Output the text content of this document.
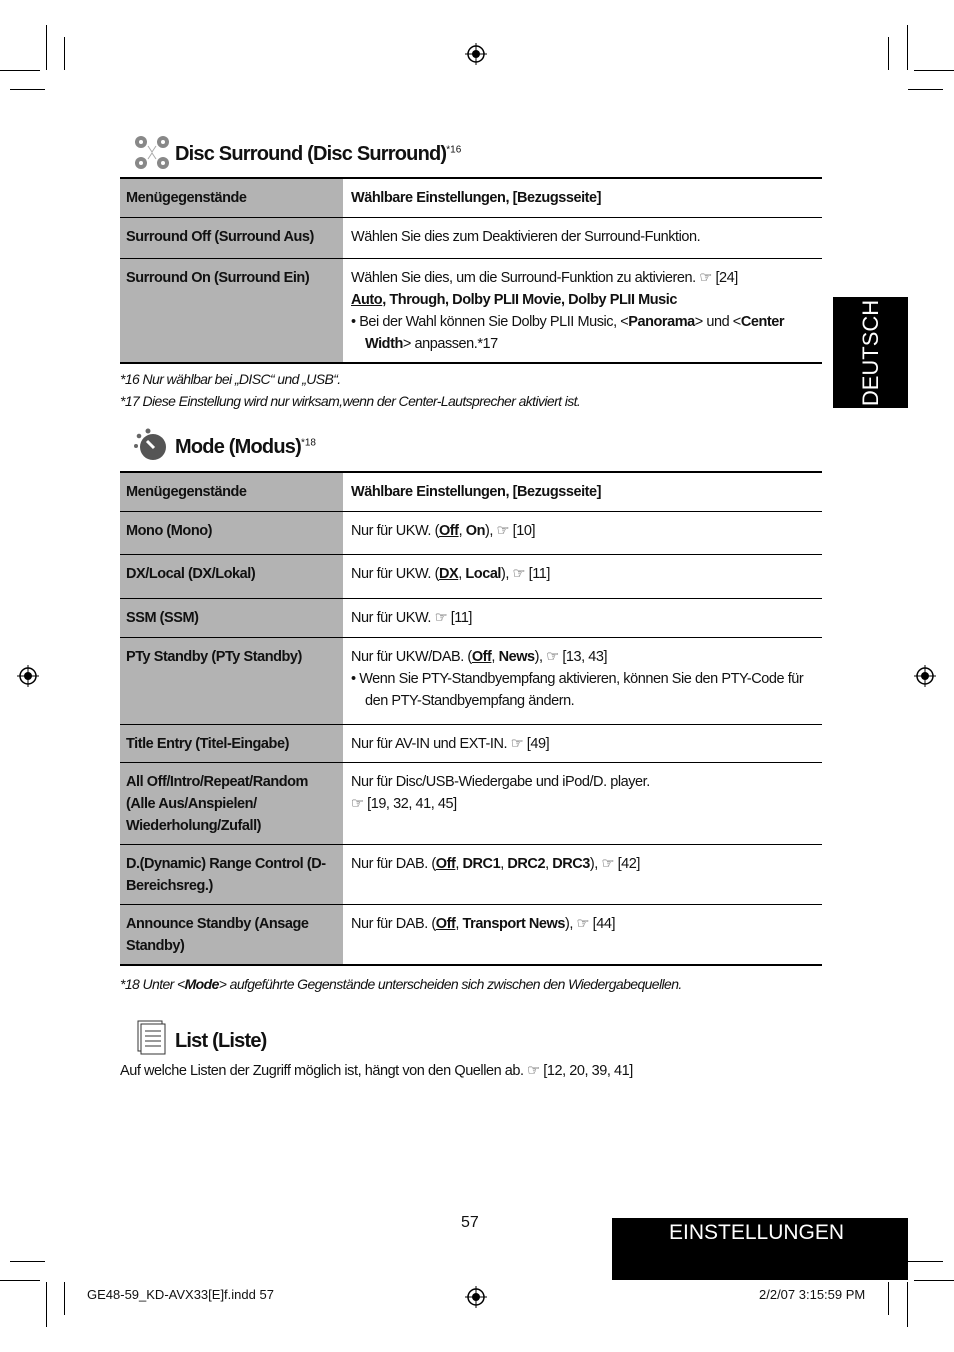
DEUTSCH
Disc Surround (Disc Surround)$^{*16}$
Menügegenstände	Wählbare Einstellungen, [Bezugsseite]
Surround Off (Surround Aus)	Wählen Sie dies zum Deaktivieren der Surround-Funktion.

Surround On (Surround Ein)	Wählen Sie dies, um die Surround-Funktion zu aktivieren. ☞ [24]
Auto, Through, Dolby PLII Movie, Dolby PLII Music
• Bei der Wahl können Sie Dolby PLII Music, <Panorama> und <Center Width> anpassen.*17
*16 Nur wählbar bei „DISC“ und „USB“.
*17 Diese Einstellung wird nur wirksam,wenn der Center-Lautsprecher aktiviert ist.
Mode (Modus)$^{*18}$
Menügegenstände	Wählbare Einstellungen, [Bezugsseite]
Mono (Mono)	Nur für UKW. (Off, On), ☞ [10]

DX/Local (DX/Lokal)	Nur für UKW. (DX, Local), ☞ [11]

SSM (SSM)	Nur für UKW. ☞ [11]

PTy Standby (PTy Standby)	Nur für UKW/DAB. (Off, News), ☞ [13, 43]
• Wenn Sie PTY-Standbyempfang aktivieren, können Sie den PTY-Code für den PTY-Standbyempfang ändern.

Title Entry (Titel-Eingabe)	Nur für AV-IN und EXT-IN. ☞ [49]

All Off/Intro/Repeat/Random (Alle Aus/Anspielen/ Wiederholung/Zufall)	Nur für Disc/USB-Wiedergabe und iPod/D. player.
☞ [19, 32, 41, 45]

D.(Dynamic) Range Control (D-Bereichsreg.)	Nur für DAB. (Off, DRC1, DRC2, DRC3), ☞ [42]

Announce Standby (Ansage Standby)	Nur für DAB. (Off, Transport News), ☞ [44]
*18 Unter <Mode> aufgeführte Gegenstände unterscheiden sich zwischen den Wiedergabequellen.
List (Liste)
Auf welche Listen der Zugriff möglich ist, hängt von den Quellen ab. ☞ [12, 20, 39, 41]
57	EINSTELLUNGEN
GE48-59_KD-AVX33[E]f.indd 57	2/2/07 3:15:59 PM
